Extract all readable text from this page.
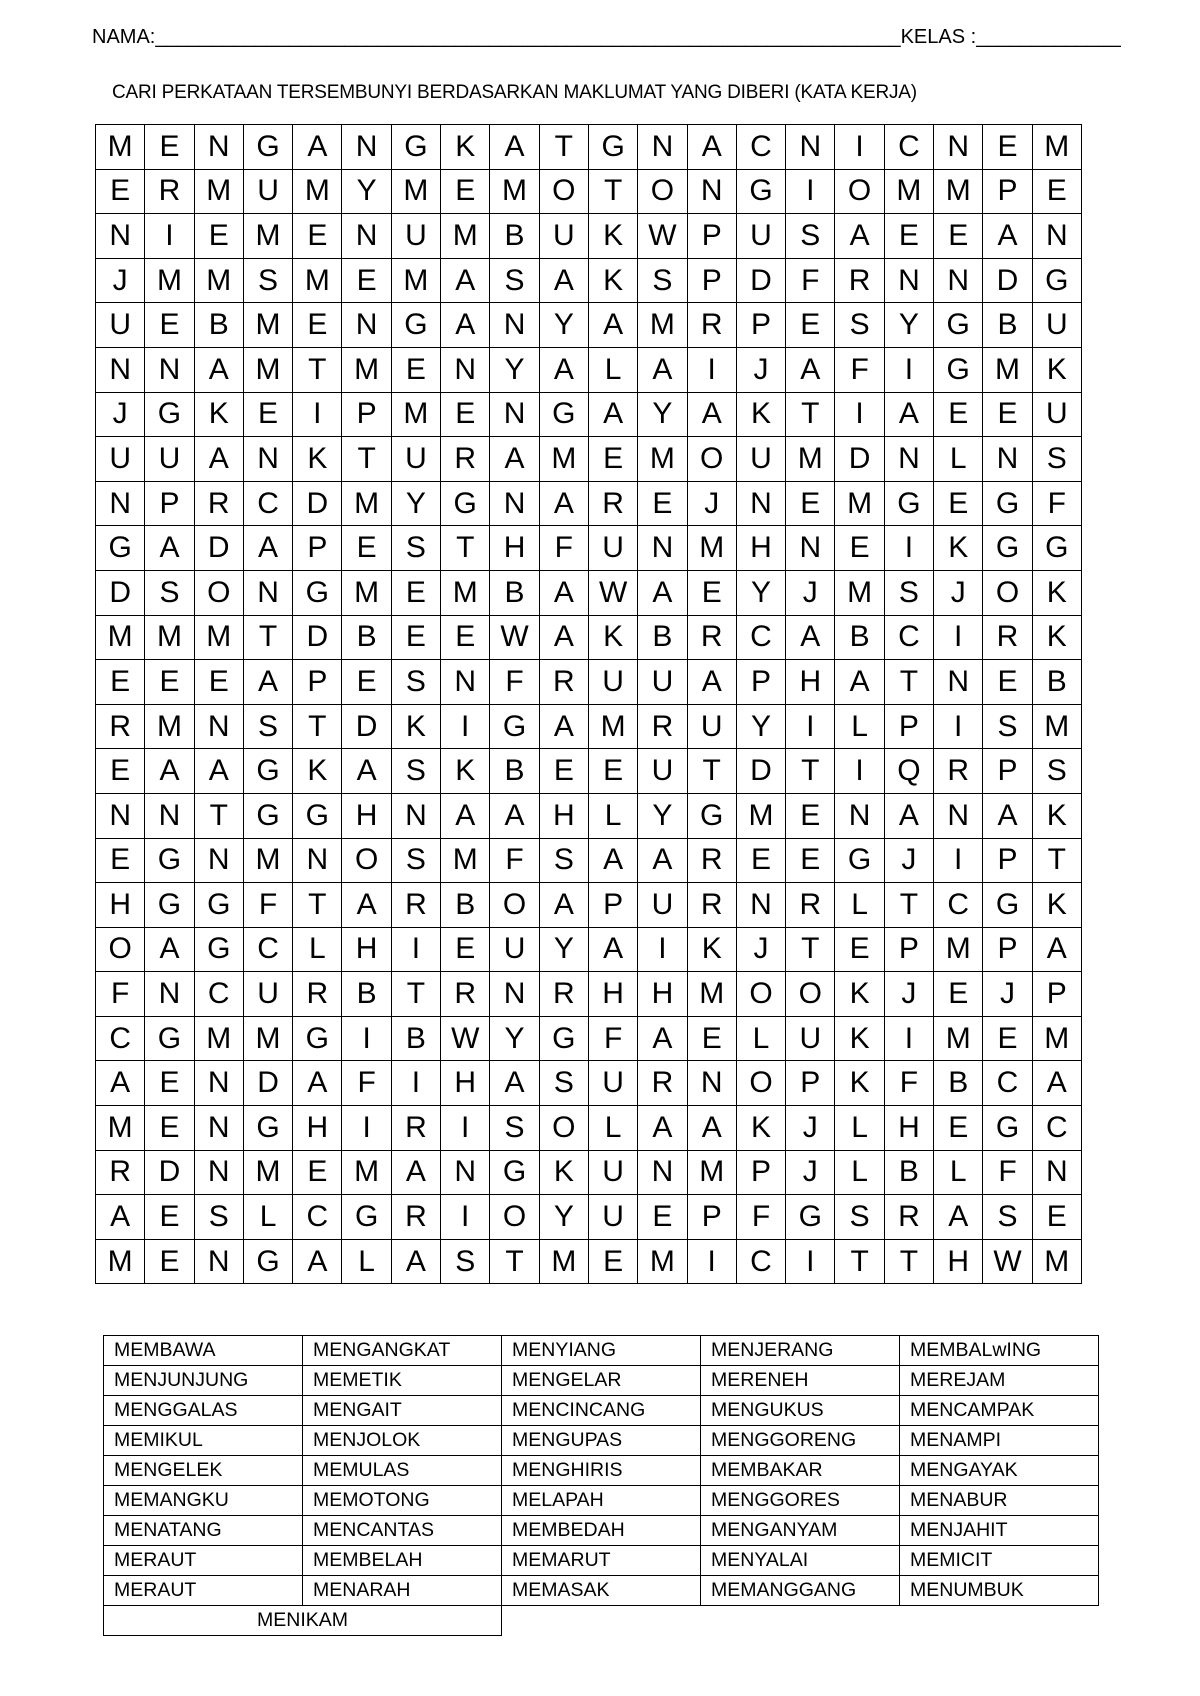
NAMA:___________________________________________________________________KELAS :_____________
CARI PERKATAAN TERSEMBUNYI BERDASARKAN MAKLUMAT YANG DIBERI (KATA KERJA)
M	E	N	G	A	N	G	K	A	T	G	N	A	C	N	I	C	N	E	M
E	R	M	U	M	Y	M	E	M	O	T	O	N	G	I	O	M	M	P	E
N	I	E	M	E	N	U	M	B	U	K	W	P	U	S	A	E	E	A	N
J	M	M	S	M	E	M	A	S	A	K	S	P	D	F	R	N	N	D	G
U	E	B	M	E	N	G	A	N	Y	A	M	R	P	E	S	Y	G	B	U
N	N	A	M	T	M	E	N	Y	A	L	A	I	J	A	F	I	G	M	K
J	G	K	E	I	P	M	E	N	G	A	Y	A	K	T	I	A	E	E	U
U	U	A	N	K	T	U	R	A	M	E	M	O	U	M	D	N	L	N	S
N	P	R	C	D	M	Y	G	N	A	R	E	J	N	E	M	G	E	G	F
G	A	D	A	P	E	S	T	H	F	U	N	M	H	N	E	I	K	G	G
D	S	O	N	G	M	E	M	B	A	W	A	E	Y	J	M	S	J	O	K
M	M	M	T	D	B	E	E	W	A	K	B	R	C	A	B	C	I	R	K
E	E	E	A	P	E	S	N	F	R	U	U	A	P	H	A	T	N	E	B
R	M	N	S	T	D	K	I	G	A	M	R	U	Y	I	L	P	I	S	M
E	A	A	G	K	A	S	K	B	E	E	U	T	D	T	I	Q	R	P	S
N	N	T	G	G	H	N	A	A	H	L	Y	G	M	E	N	A	N	A	K
E	G	N	M	N	O	S	M	F	S	A	A	R	E	E	G	J	I	P	T
H	G	G	F	T	A	R	B	O	A	P	U	R	N	R	L	T	C	G	K
O	A	G	C	L	H	I	E	U	Y	A	I	K	J	T	E	P	M	P	A
F	N	C	U	R	B	T	R	N	R	H	H	M	O	O	K	J	E	J	P
C	G	M	M	G	I	B	W	Y	G	F	A	E	L	U	K	I	M	E	M
A	E	N	D	A	F	I	H	A	S	U	R	N	O	P	K	F	B	C	A
M	E	N	G	H	I	R	I	S	O	L	A	A	K	J	L	H	E	G	C
R	D	N	M	E	M	A	N	G	K	U	N	M	P	J	L	B	L	F	N
A	E	S	L	C	G	R	I	O	Y	U	E	P	F	G	S	R	A	S	E
M	E	N	G	A	L	A	S	T	M	E	M	I	C	I	T	T	H	W	M
MEMBAWA	MENGANGKAT	MENYIANG	MENJERANG	MEMBALwING
MENJUNJUNG	MEMETIK	MENGELAR	MERENEH	MEREJAM
MENGGALAS	MENGAIT	MENCINCANG	MENGUKUS	MENCAMPAK
MEMIKUL	MENJOLOK	MENGUPAS	MENGGORENG	MENAMPI
MENGELEK	MEMULAS	MENGHIRIS	MEMBAKAR	MENGAYAK
MEMANGKU	MEMOTONG	MELAPAH	MENGGORES	MENABUR
MENATANG	MENCANTAS	MEMBEDAH	MENGANYAM	MENJAHIT
MERAUT	MEMBELAH	MEMARUT	MENYALAI	MEMICIT
MERAUT	MENARAH	MEMASAK	MEMANGGANG	MENUMBUK
MENIKAM				
